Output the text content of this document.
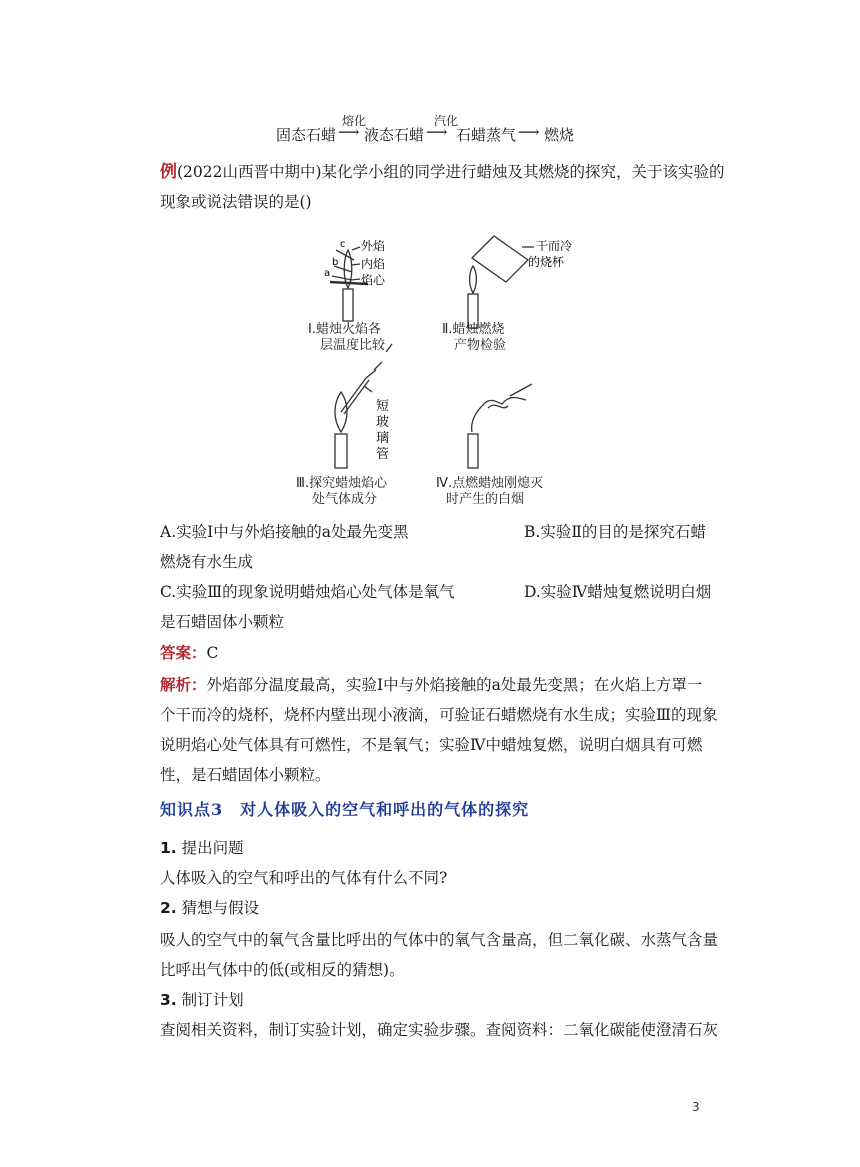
固态石蜡
熔化
⟶ 液态石蜡
汽化
⟶ 石蜡蒸气 ⟶ 燃烧
例(2022山西晋中期中)某化学小组的同学进行蜡烛及其燃烧的探究，关于该实验的
现象或说法错误的是()
c
b
a
外焰
内焰
焰心
干而冷
的烧杯
短
玻
璃
管
Ⅰ.蜡烛火焰各
层温度比较
Ⅱ.蜡烛燃烧
产物检验
Ⅲ.探究蜡烛焰心
处气体成分
Ⅳ.点燃蜡烛刚熄灭
时产生的白烟
A.实验Ⅰ中与外焰接触的a处最先变黑	B.实验Ⅱ的目的是探究石蜡
燃烧有水生成
C.实验Ⅲ的现象说明蜡烛焰心处气体是氧气	D.实验Ⅳ蜡烛复燃说明白烟
是石蜡固体小颗粒
答案：C
解析：外焰部分温度最高，实验Ⅰ中与外焰接触的a处最先变黑；在火焰上方罩一
个干而冷的烧杯，烧杯内壁出现小液滴，可验证石蜡燃烧有水生成；实验Ⅲ的现象
说明焰心处气体具有可燃性，不是氧气；实验Ⅳ中蜡烛复燃，说明白烟具有可燃
性，是石蜡固体小颗粒。
知识点3　对人体吸入的空气和呼出的气体的探究
1. 提出问题
人体吸入的空气和呼出的气体有什么不同?
2. 猜想与假设
吸人的空气中的氧气含量比呼出的气体中的氧气含量高，但二氧化碳、水蒸气含量
比呼出气体中的低(或相反的猜想)。
3. 制订计划
查阅相关资料，制订实验计划，确定实验步骤。查阅资料：二氧化碳能使澄清石灰
3
